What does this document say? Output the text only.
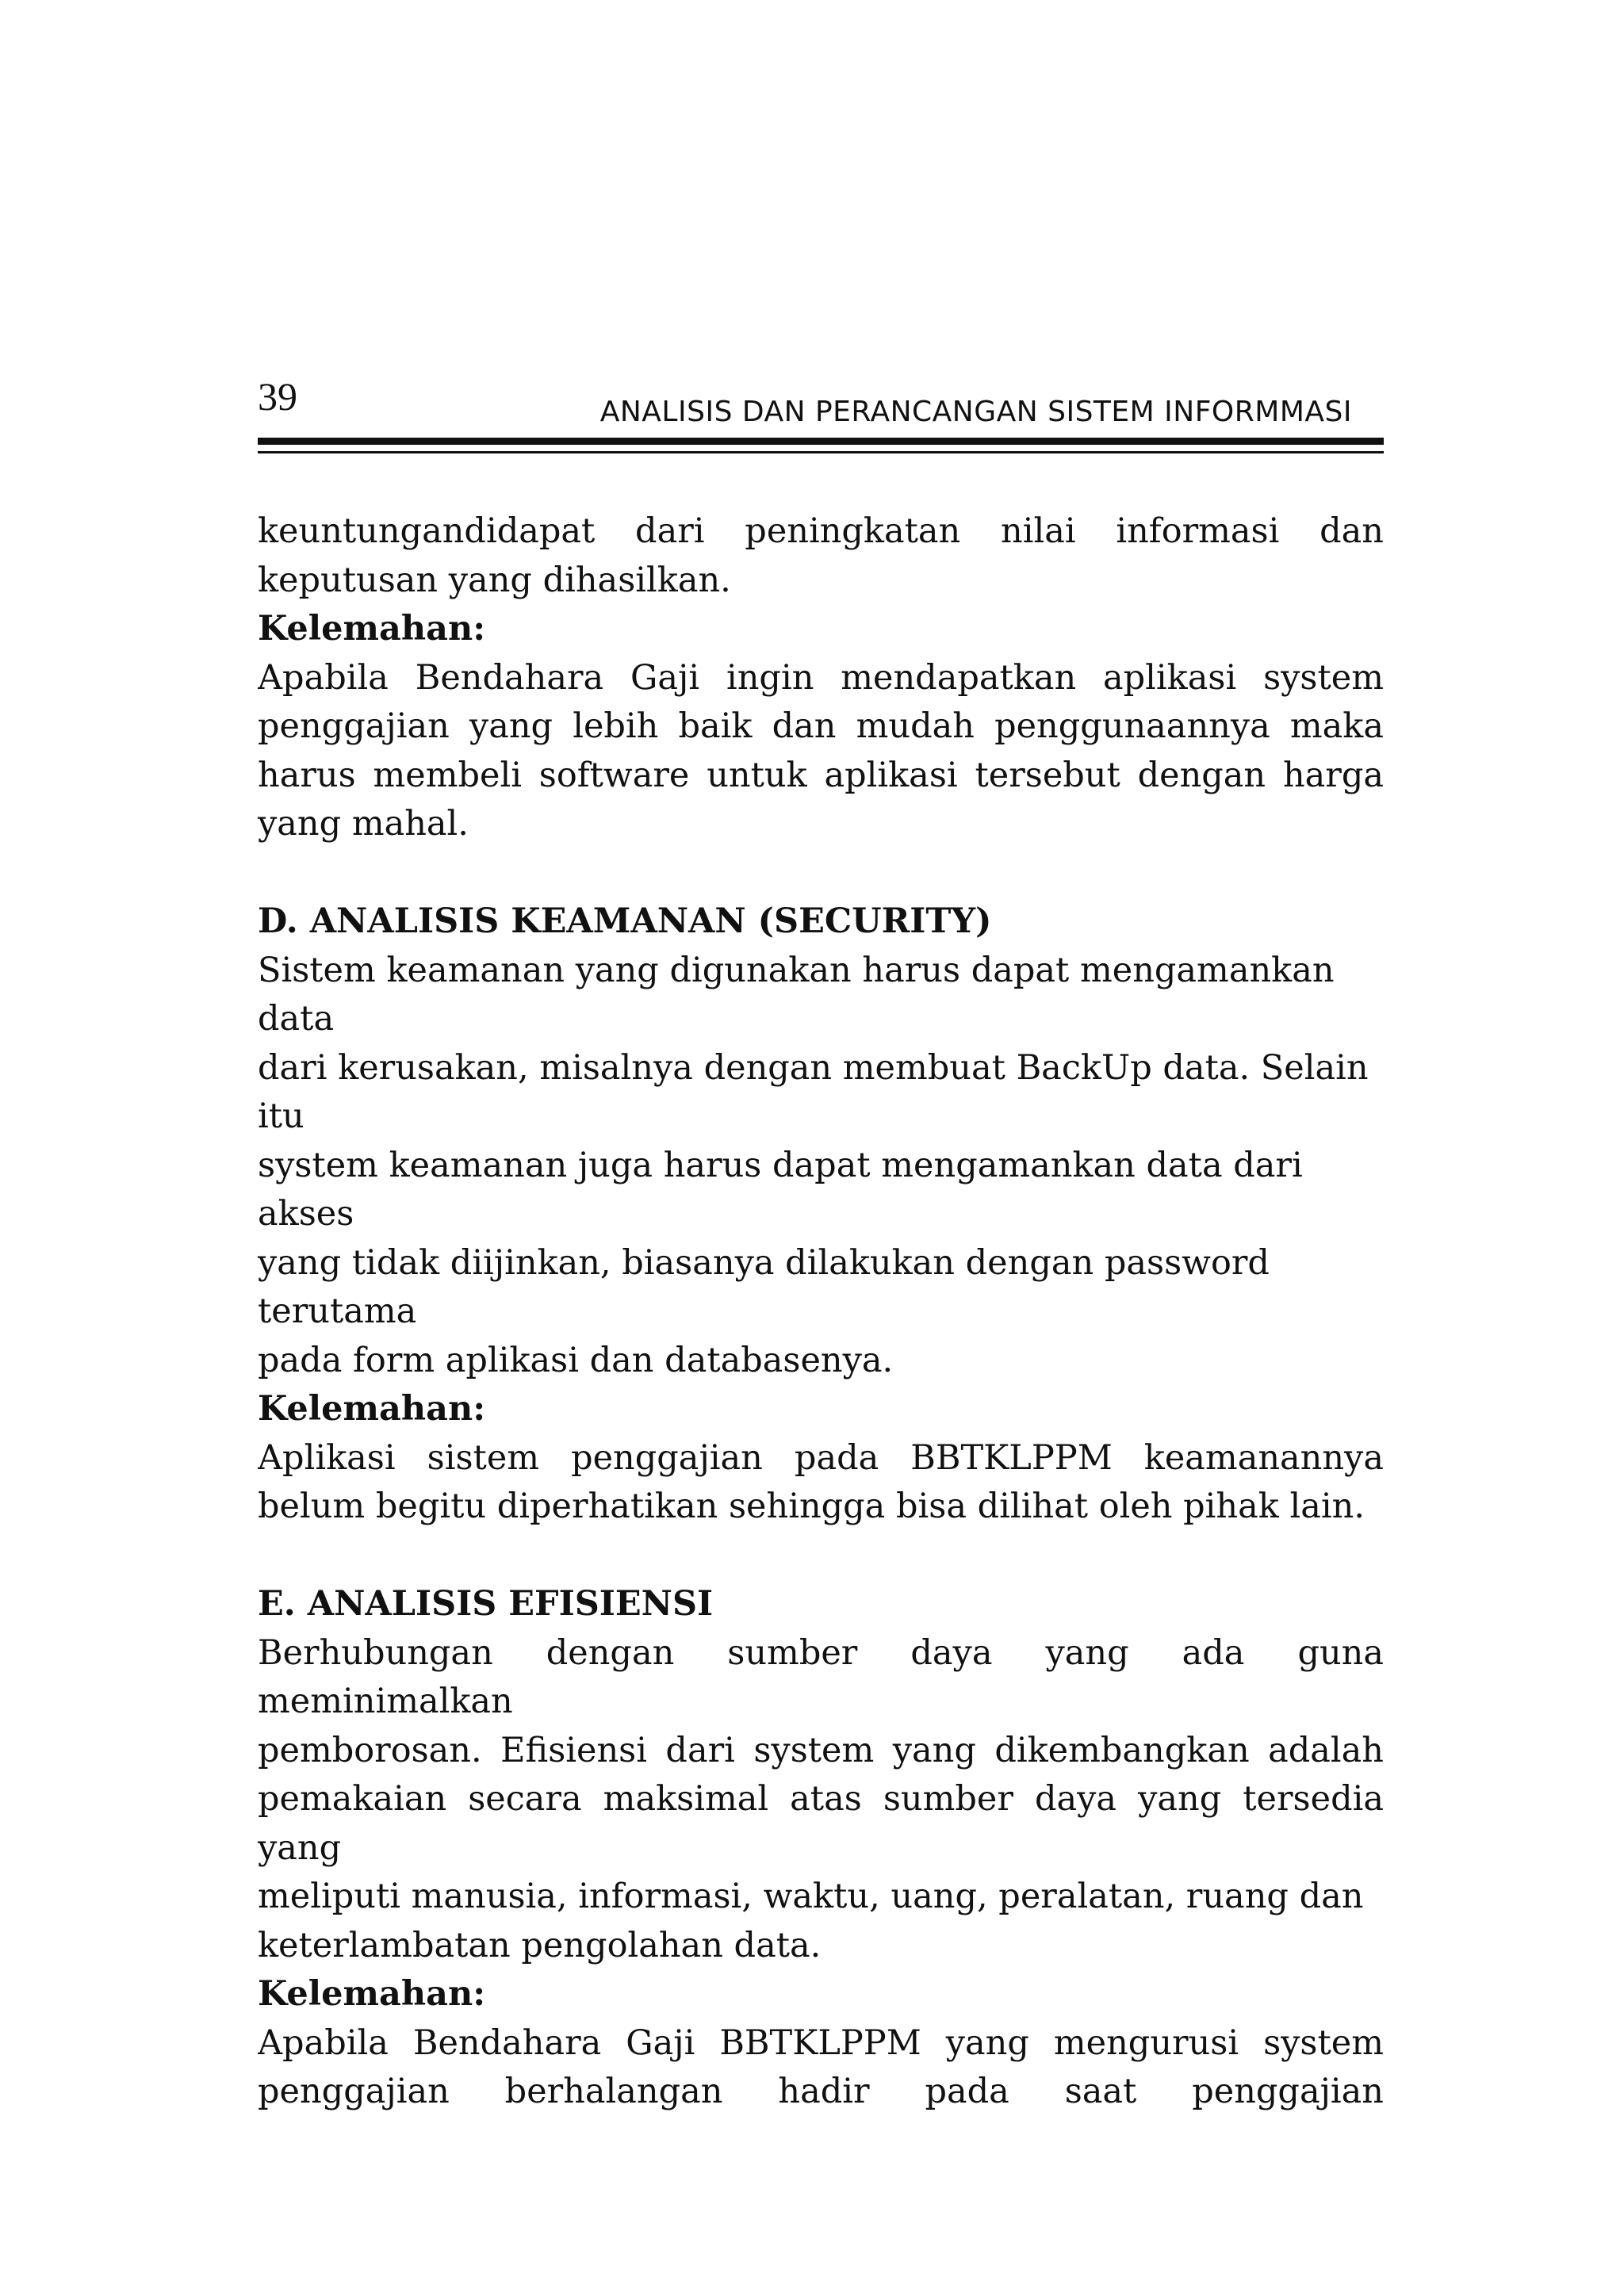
39	ANALISIS DAN PERANCANGAN SISTEM INFORMMASI

keuntungandidapat dari peningkatan nilai informasi dan

keputusan yang dihasilkan.

Kelemahan:

Apabila Bendahara Gaji ingin mendapatkan aplikasi system

penggajian yang lebih baik dan mudah penggunaannya maka

harus membeli software untuk aplikasi tersebut dengan harga

yang mahal.

D. ANALISIS KEAMANAN (SECURITY)

Sistem keamanan yang digunakan harus dapat mengamankan

data

dari kerusakan, misalnya dengan membuat BackUp data. Selain

itu

system keamanan juga harus dapat mengamankan data dari

akses

yang tidak diijinkan, biasanya dilakukan dengan password

terutama

pada form aplikasi dan databasenya.

Kelemahan:

Aplikasi sistem penggajian pada BBTKLPPM keamanannya

belum begitu diperhatikan sehingga bisa dilihat oleh pihak lain.

E. ANALISIS EFISIENSI

Berhubungan dengan sumber daya yang ada guna

meminimalkan

pemborosan. Efisiensi dari system yang dikembangkan adalah

pemakaian secara maksimal atas sumber daya yang tersedia

yang

meliputi manusia, informasi, waktu, uang, peralatan, ruang dan

keterlambatan pengolahan data.

Kelemahan:

Apabila Bendahara Gaji BBTKLPPM yang mengurusi system

penggajian berhalangan hadir pada saat penggajian
